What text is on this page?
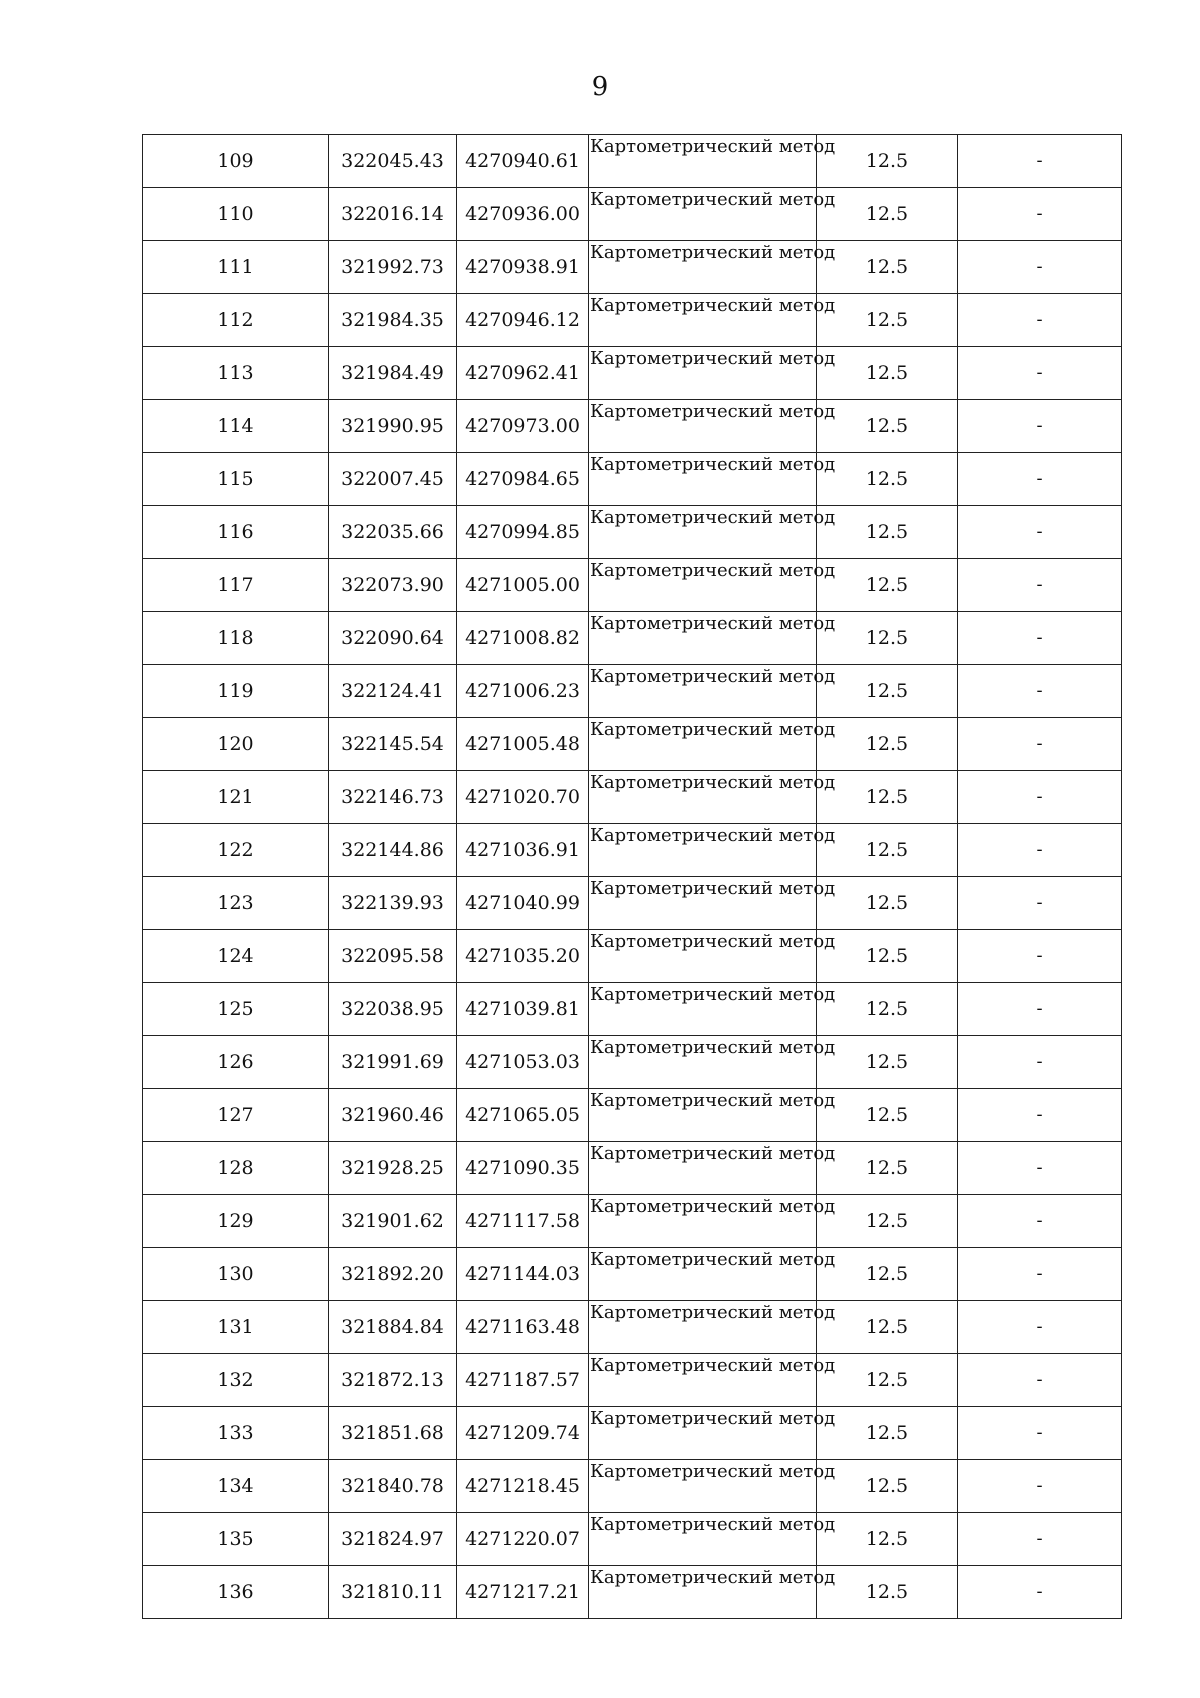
9
109	322045.43	4270940.61	Картометрический метод	12.5	-
110	322016.14	4270936.00	Картометрический метод	12.5	-
111	321992.73	4270938.91	Картометрический метод	12.5	-
112	321984.35	4270946.12	Картометрический метод	12.5	-
113	321984.49	4270962.41	Картометрический метод	12.5	-
114	321990.95	4270973.00	Картометрический метод	12.5	-
115	322007.45	4270984.65	Картометрический метод	12.5	-
116	322035.66	4270994.85	Картометрический метод	12.5	-
117	322073.90	4271005.00	Картометрический метод	12.5	-
118	322090.64	4271008.82	Картометрический метод	12.5	-
119	322124.41	4271006.23	Картометрический метод	12.5	-
120	322145.54	4271005.48	Картометрический метод	12.5	-
121	322146.73	4271020.70	Картометрический метод	12.5	-
122	322144.86	4271036.91	Картометрический метод	12.5	-
123	322139.93	4271040.99	Картометрический метод	12.5	-
124	322095.58	4271035.20	Картометрический метод	12.5	-
125	322038.95	4271039.81	Картометрический метод	12.5	-
126	321991.69	4271053.03	Картометрический метод	12.5	-
127	321960.46	4271065.05	Картометрический метод	12.5	-
128	321928.25	4271090.35	Картометрический метод	12.5	-
129	321901.62	4271117.58	Картометрический метод	12.5	-
130	321892.20	4271144.03	Картометрический метод	12.5	-
131	321884.84	4271163.48	Картометрический метод	12.5	-
132	321872.13	4271187.57	Картометрический метод	12.5	-
133	321851.68	4271209.74	Картометрический метод	12.5	-
134	321840.78	4271218.45	Картометрический метод	12.5	-
135	321824.97	4271220.07	Картометрический метод	12.5	-
136	321810.11	4271217.21	Картометрический метод	12.5	-
